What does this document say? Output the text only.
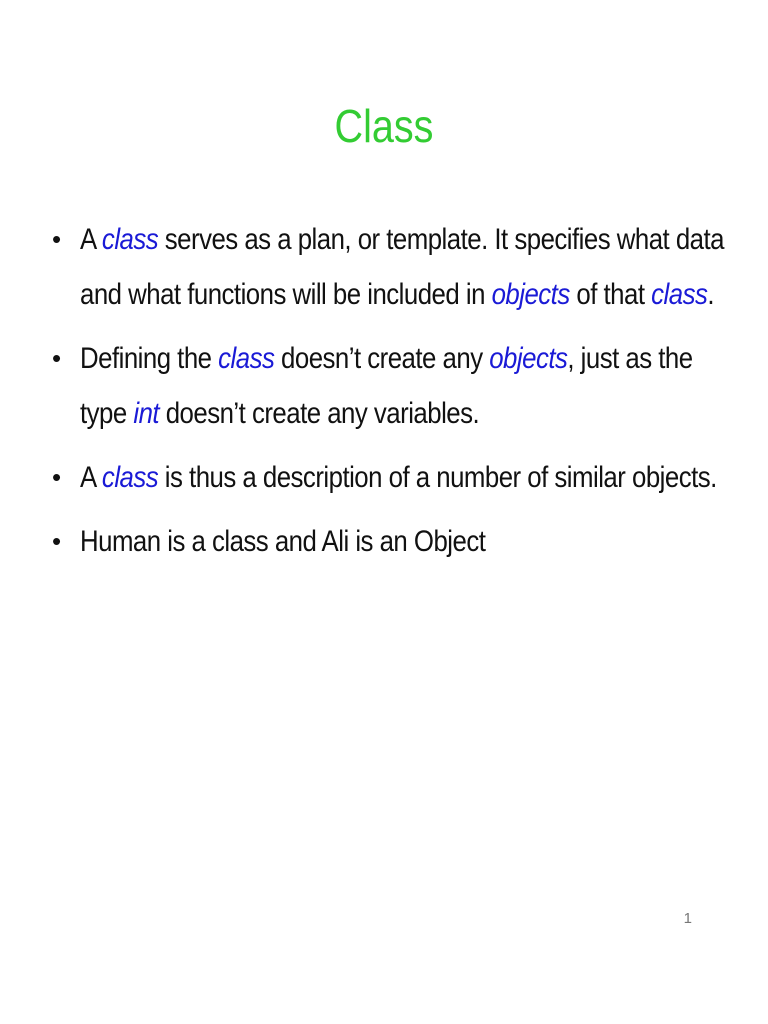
Class
• A class serves as a plan, or template. It specifies what data and what functions will be included in objects of that class.
• Defining the class doesn’t create any objects, just as the type int doesn’t create any variables.
• A class is thus a description of a number of similar objects.
• Human is a class and Ali is an Object
1
